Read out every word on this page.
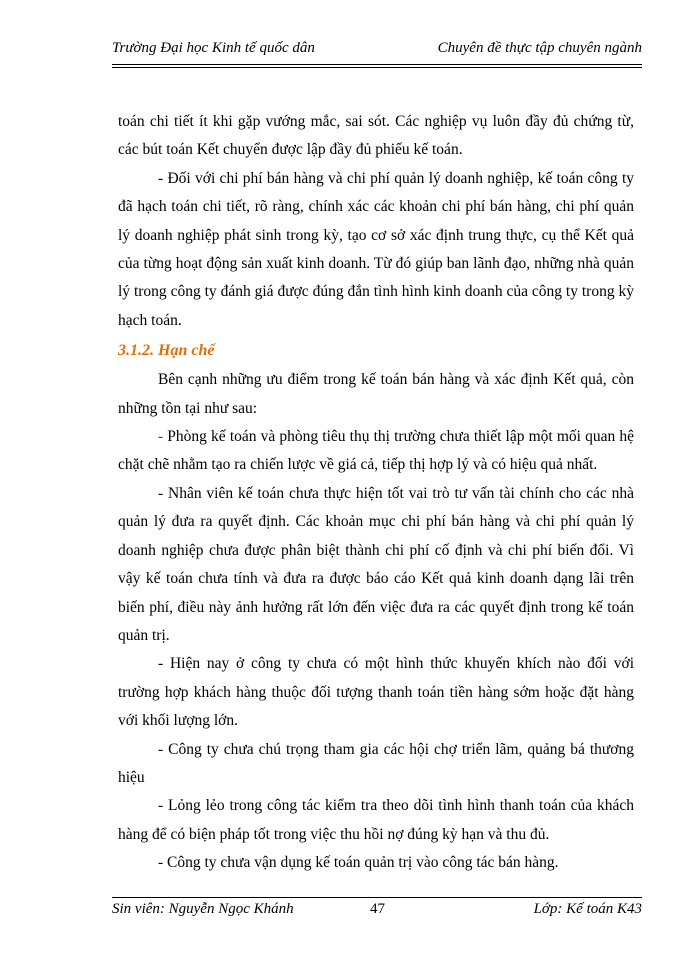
Trường Đại học Kinh tế quốc dân	Chuyên đề thực tập chuyên ngành

toán chi tiết ít khi gặp vướng mắc, sai sót. Các nghiệp vụ luôn đầy đủ chứng từ, các bút toán Kết chuyển được lập đầy đủ phiếu kế toán.

- Đối với chi phí bán hàng và chi phí quản lý doanh nghiệp, kế toán công ty đã hạch toán chi tiết, rõ ràng, chính xác các khoản chi phí bán hàng, chi phí quản lý doanh nghiệp phát sinh trong kỳ, tạo cơ sở xác định trung thực, cụ thể Kết quả của từng hoạt động sản xuất kinh doanh. Từ đó giúp ban lãnh đạo, những nhà quản lý trong công ty đánh giá được đúng đắn tình hình kinh doanh của công ty trong kỳ hạch toán.

3.1.2. Hạn chế

Bên cạnh những ưu điểm trong kế toán bán hàng và xác định Kết quả, còn những tồn tại như sau:

- Phòng kế toán và phòng tiêu thụ thị trường chưa thiết lập một mối quan hệ chặt chẽ nhằm tạo ra chiến lược về giá cả, tiếp thị hợp lý và có hiệu quả nhất.

- Nhân viên kế toán chưa thực hiện tốt vai trò tư vấn tài chính cho các nhà quản lý đưa ra quyết định. Các khoản mục chi phí bán hàng và chi phí quản lý doanh nghiệp chưa được phân biệt thành chi phí cố định và chi phí biến đổi. Vì vậy kế toán chưa tính và đưa ra được báo cáo Kết quả kinh doanh dạng lãi trên biến phí, điều này ảnh hưởng rất lớn đến việc đưa ra các quyết định trong kế toán quản trị.

- Hiện nay ở công ty chưa có một hình thức khuyến khích nào đối với trường hợp khách hàng thuộc đối tượng thanh toán tiền hàng sớm hoặc đặt hàng với khối lượng lớn.

- Công ty chưa chú trọng tham gia các hội chợ triển lãm, quảng bá thương hiệu

- Lỏng lẻo trong công tác kiểm tra theo dõi tình hình thanh toán của khách hàng để có biện pháp tốt trong việc thu hồi nợ đúng kỳ hạn và thu đủ.

- Công ty chưa vận dụng kế toán quản trị vào công tác bán hàng.

Sin viên: Nguyễn Ngọc Khánh	47	Lớp: Kế toán K43
